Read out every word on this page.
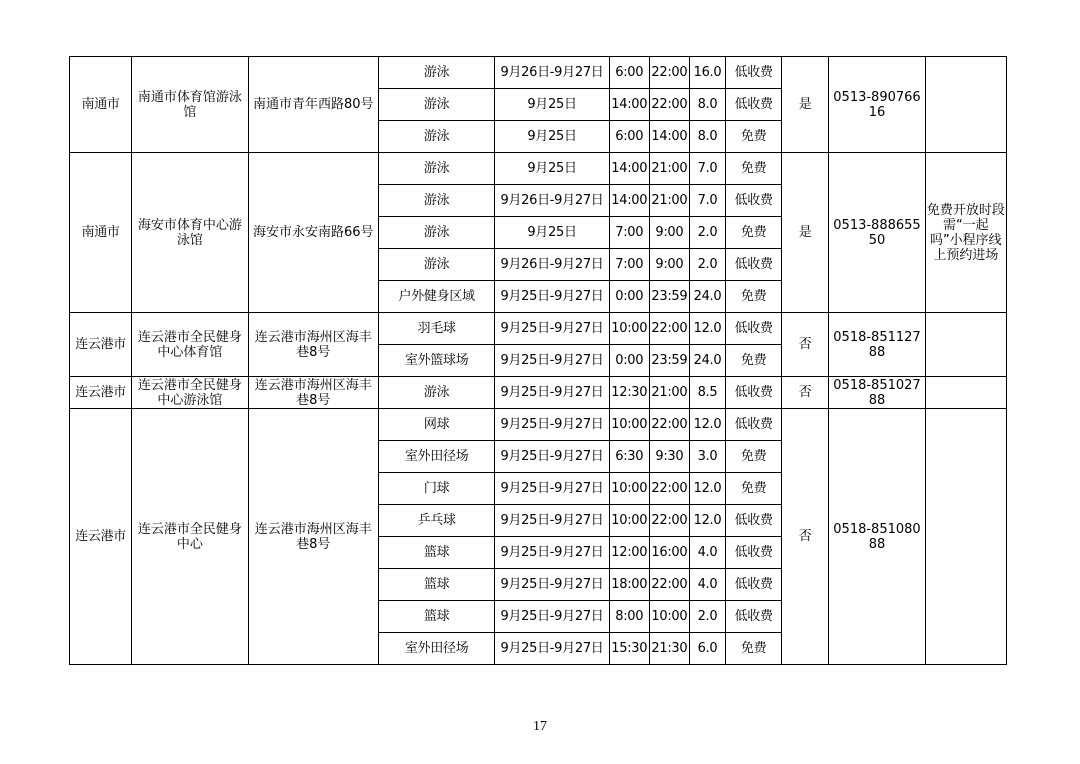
南通市	南通市体育馆游泳馆	南通市青年西路80号	游泳	9月26日-9月27日	6:00	22:00	16.0	低收费	是	0513-89076616	
			游泳	9月25日	14:00	22:00	8.0	低收费			
			游泳	9月25日	6:00	14:00	8.0	免费			
南通市	海安市体育中心游泳馆	海安市永安南路66号	游泳	9月25日	14:00	21:00	7.0	免费	是	0513-88865550	免费开放时段需“一起吗”小程序线上预约进场
			游泳	9月26日-9月27日	14:00	21:00	7.0	低收费			
			游泳	9月25日	7:00	9:00	2.0	免费			
			游泳	9月26日-9月27日	7:00	9:00	2.0	低收费			
			户外健身区域	9月25日-9月27日	0:00	23:59	24.0	免费			
连云港市	连云港市全民健身中心体育馆	连云港市海州区海丰巷8号	羽毛球	9月25日-9月27日	10:00	22:00	12.0	低收费	否	0518-85112788	
			室外篮球场	9月25日-9月27日	0:00	23:59	24.0	免费			
连云港市	连云港市全民健身中心游泳馆	连云港市海州区海丰巷8号	游泳	9月25日-9月27日	12:30	21:00	8.5	低收费	否	0518-85102788	
连云港市	连云港市全民健身中心	连云港市海州区海丰巷8号	网球	9月25日-9月27日	10:00	22:00	12.0	低收费	否	0518-85108088	
			室外田径场	9月25日-9月27日	6:30	9:30	3.0	免费			
			门球	9月25日-9月27日	10:00	22:00	12.0	免费			
			乒乓球	9月25日-9月27日	10:00	22:00	12.0	低收费			
			篮球	9月25日-9月27日	12:00	16:00	4.0	低收费			
			篮球	9月25日-9月27日	18:00	22:00	4.0	低收费			
			篮球	9月25日-9月27日	8:00	10:00	2.0	低收费			
			室外田径场	9月25日-9月27日	15:30	21:30	6.0	免费			
17
